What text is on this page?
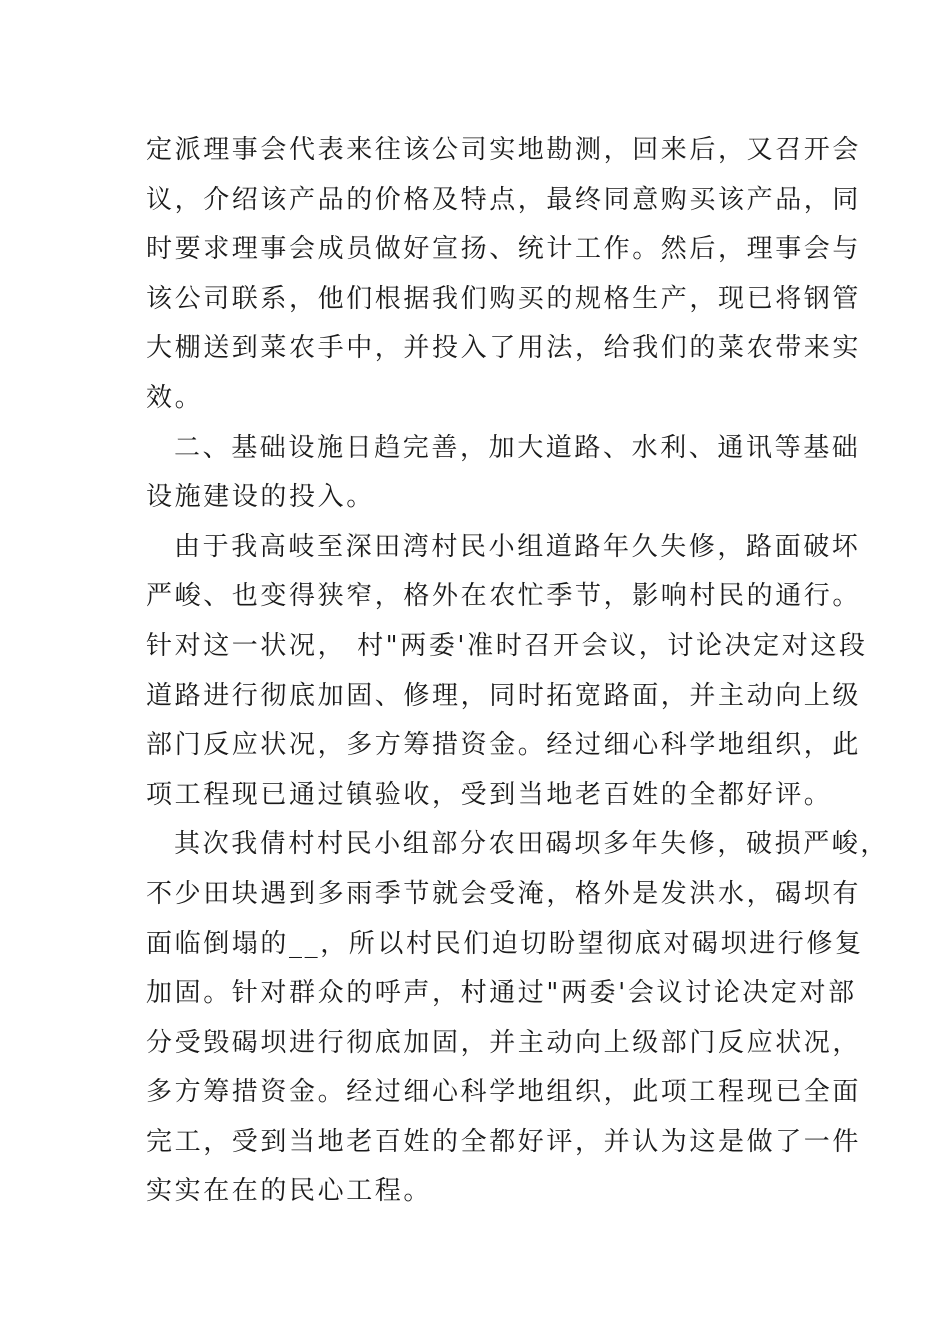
定派理事会代表来往该公司实地勘测，回来后，又召开会
议，介绍该产品的价格及特点，最终同意购买该产品，同
时要求理事会成员做好宣扬、统计工作。然后，理事会与
该公司联系，他们根据我们购买的规格生产，现已将钢管
大棚送到菜农手中，并投入了用法，给我们的菜农带来实
效。
二、基础设施日趋完善，加大道路、水利、通讯等基础
设施建设的投入。
由于我高岐至深田湾村民小组道路年久失修，路面破坏
严峻、也变得狭窄，格外在农忙季节，影响村民的通行。
针对这一状况， 村"两委'准时召开会议，讨论决定对这段
道路进行彻底加固、修理，同时拓宽路面，并主动向上级
部门反应状况，多方筹措资金。经过细心科学地组织，此
项工程现已通过镇验收，受到当地老百姓的全都好评。
其次我倩村村民小组部分农田碣坝多年失修，破损严峻，
不少田块遇到多雨季节就会受淹，格外是发洪水，碣坝有
面临倒塌的__，所以村民们迫切盼望彻底对碣坝进行修复
加固。针对群众的呼声，村通过"两委'会议讨论决定对部
分受毁碣坝进行彻底加固，并主动向上级部门反应状况，
多方筹措资金。经过细心科学地组织，此项工程现已全面
完工，受到当地老百姓的全都好评，并认为这是做了一件
实实在在的民心工程。
